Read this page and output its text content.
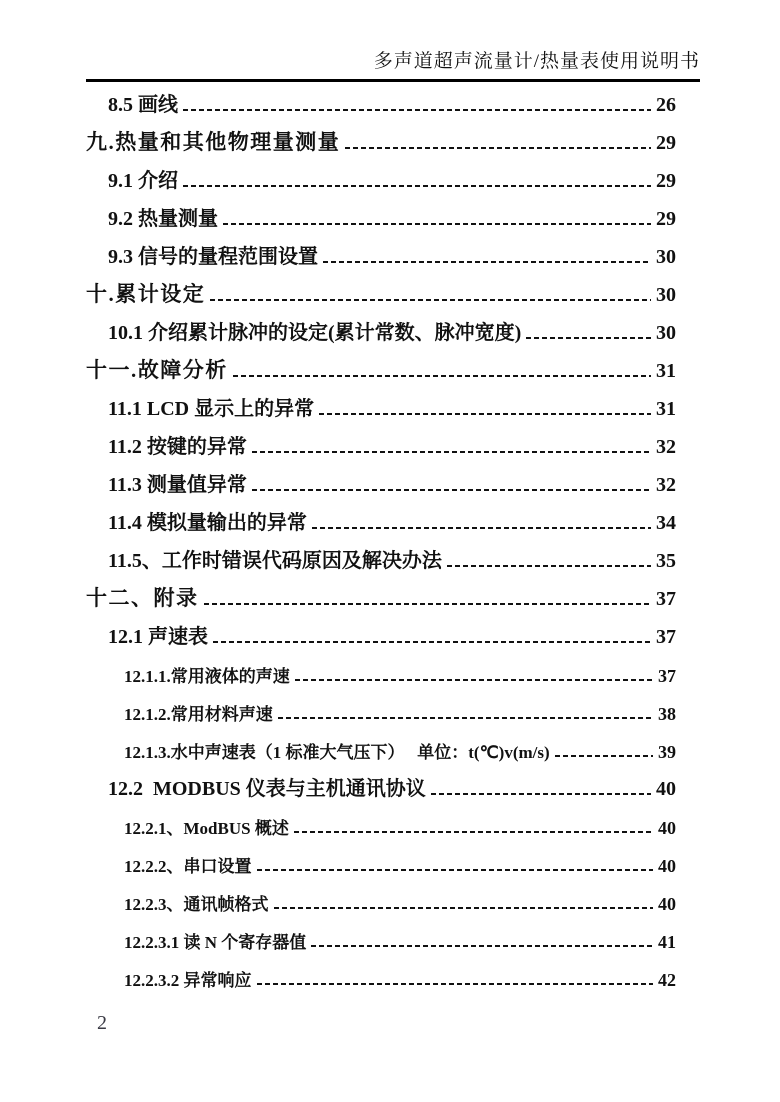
多声道超声流量计/热量表使用说明书
8.5 画线	26
九.热量和其他物理量测量	29
9.1 介绍	29
9.2 热量测量	29
9.3 信号的量程范围设置	30
十.累计设定	30
10.1 介绍累计脉冲的设定(累计常数、脉冲宽度)	30
十一.故障分析	31
11.1 LCD 显示上的异常	31
11.2 按键的异常	32
11.3 测量值异常	32
11.4 模拟量输出的异常	34
11.5、工作时错误代码原因及解决办法	35
十二、附录	37
12.1 声速表	37
12.1.1.常用液体的声速	37
12.1.2.常用材料声速	38
12.1.3.水中声速表（1 标准大气压下）　 单位：t(℃)v(m/s)	39
12.2  MODBUS 仪表与主机通讯协议	40
12.2.1、ModBUS 概述	40
12.2.2、串口设置	40
12.2.3、通讯帧格式	40
12.2.3.1 读 N 个寄存器值	41
12.2.3.2 异常响应	42
2
